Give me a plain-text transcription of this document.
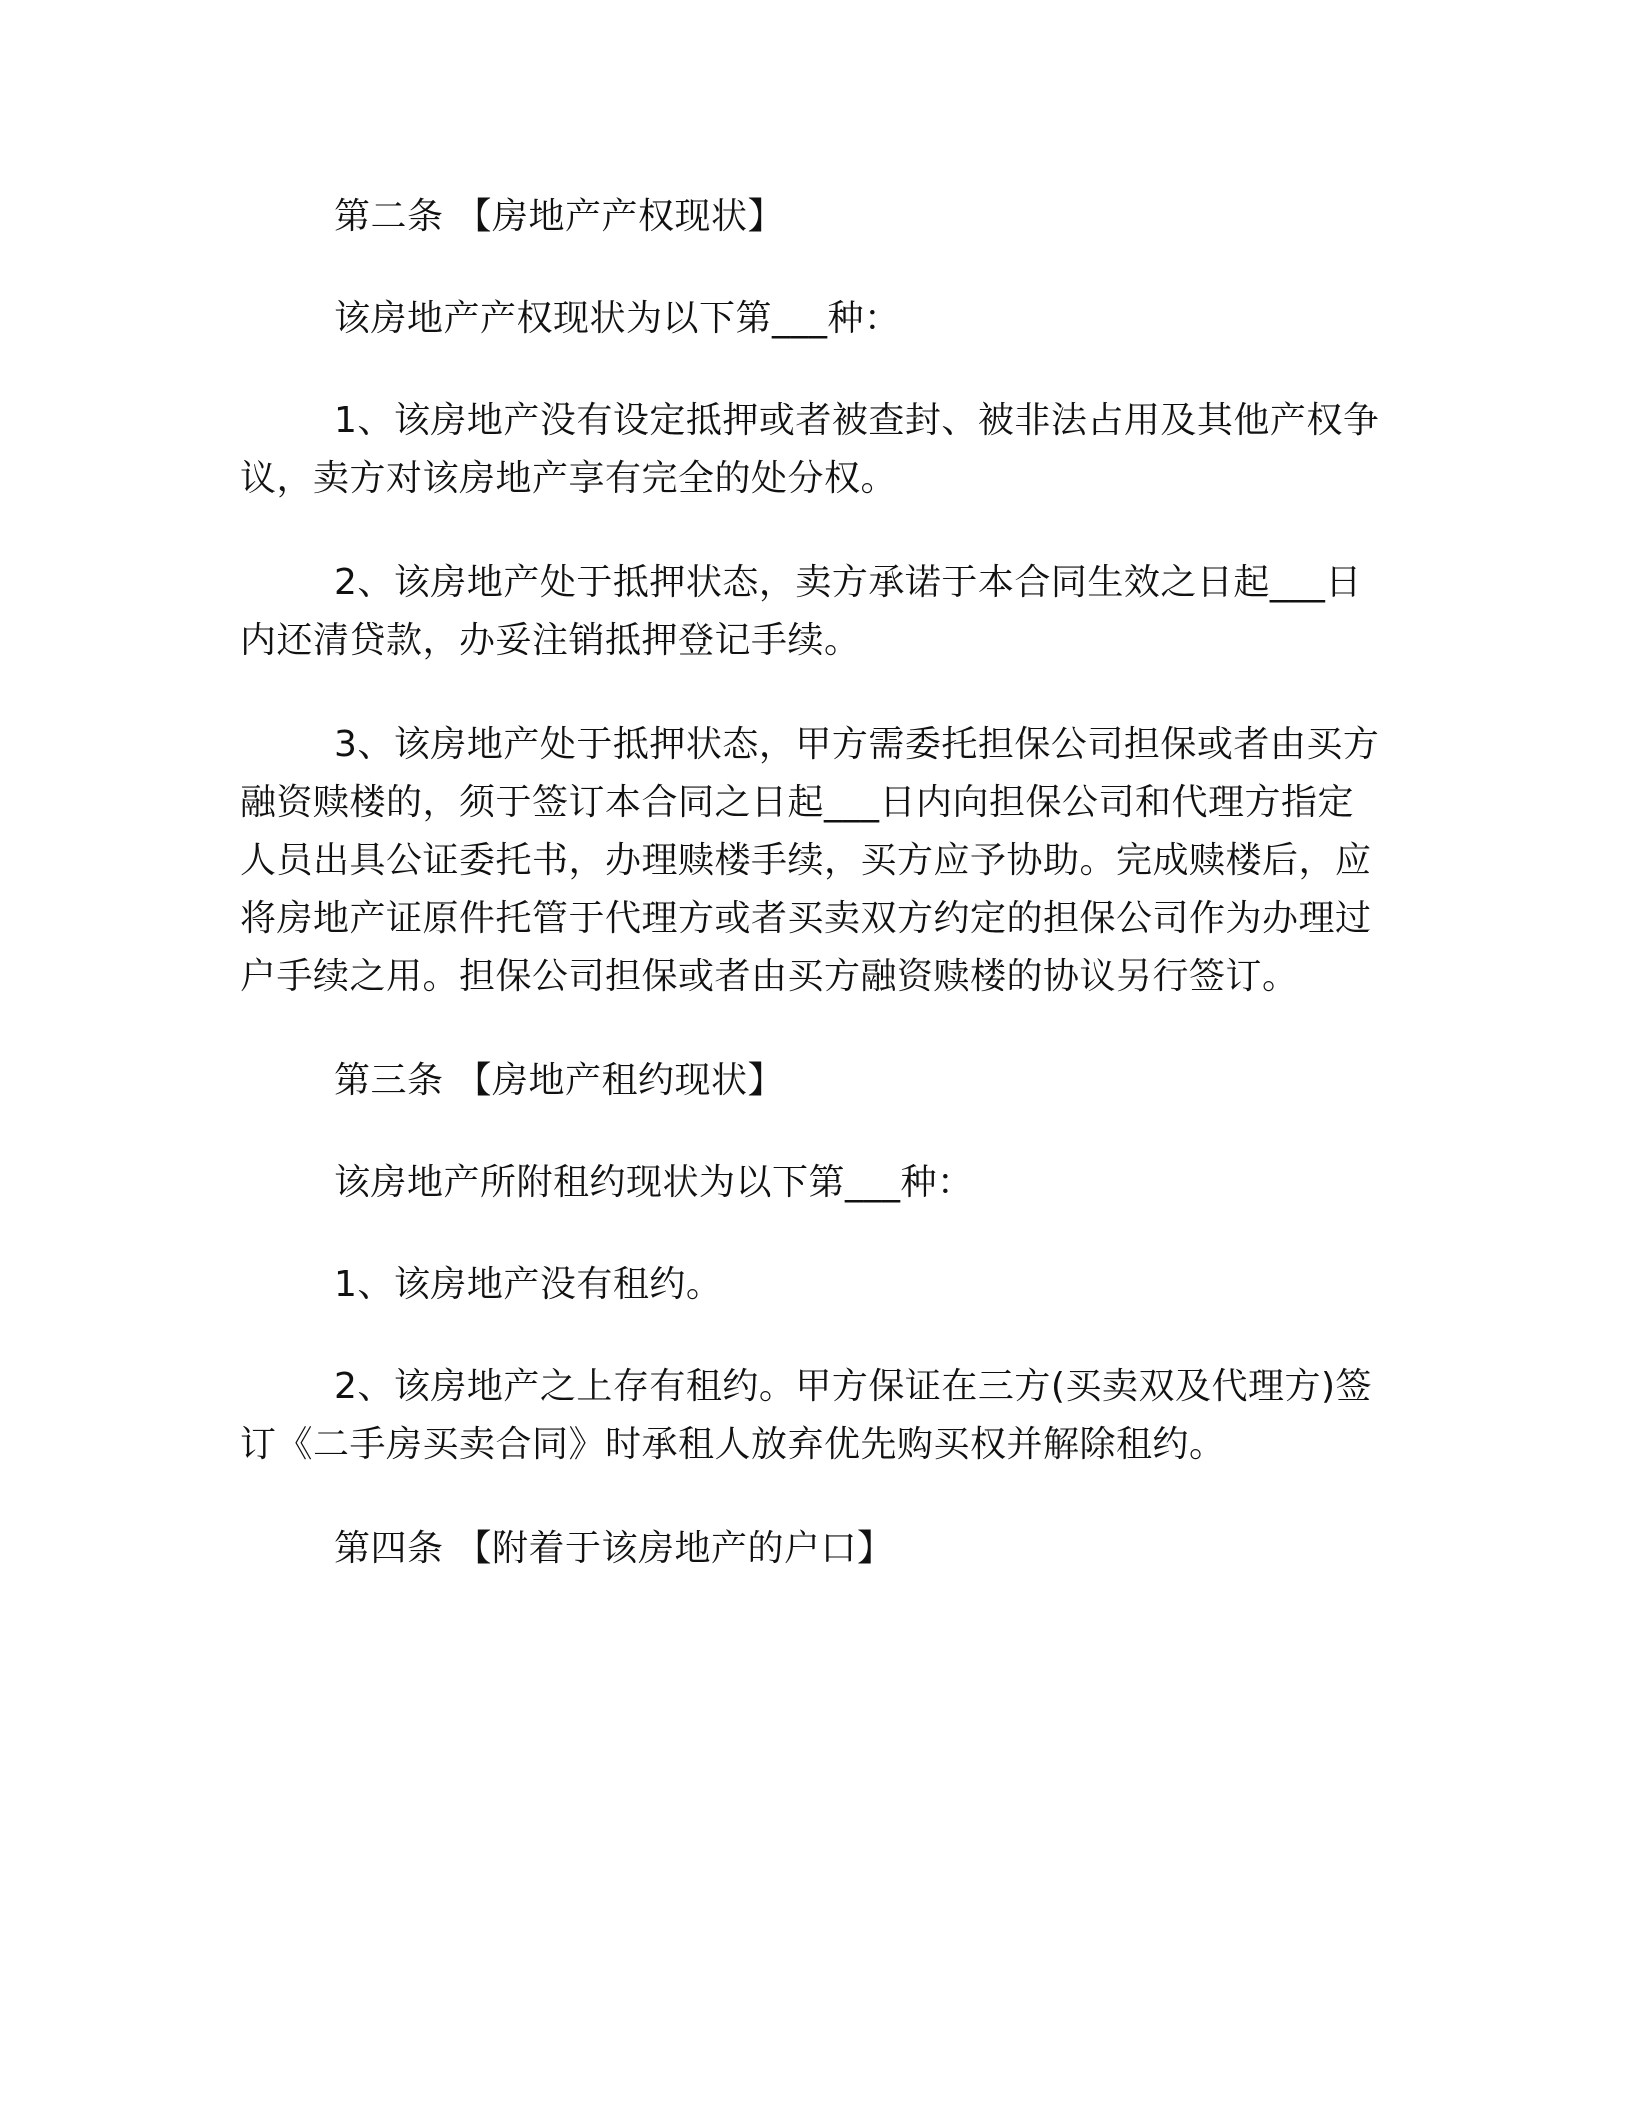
第二条 【房地产产权现状】

该房地产产权现状为以下第___种：

1、该房地产没有设定抵押或者被查封、被非法占用及其他产权争议，卖方对该房地产享有完全的处分权。

2、该房地产处于抵押状态，卖方承诺于本合同生效之日起___日内还清贷款，办妥注销抵押登记手续。

3、该房地产处于抵押状态，甲方需委托担保公司担保或者由买方融资赎楼的，须于签订本合同之日起___日内向担保公司和代理方指定人员出具公证委托书，办理赎楼手续，买方应予协助。完成赎楼后，应将房地产证原件托管于代理方或者买卖双方约定的担保公司作为办理过户手续之用。担保公司担保或者由买方融资赎楼的协议另行签订。

第三条 【房地产租约现状】

该房地产所附租约现状为以下第___种：

1、该房地产没有租约。

2、该房地产之上存有租约。甲方保证在三方(买卖双及代理方)签订《二手房买卖合同》时承租人放弃优先购买权并解除租约。

第四条 【附着于该房地产的户口】
